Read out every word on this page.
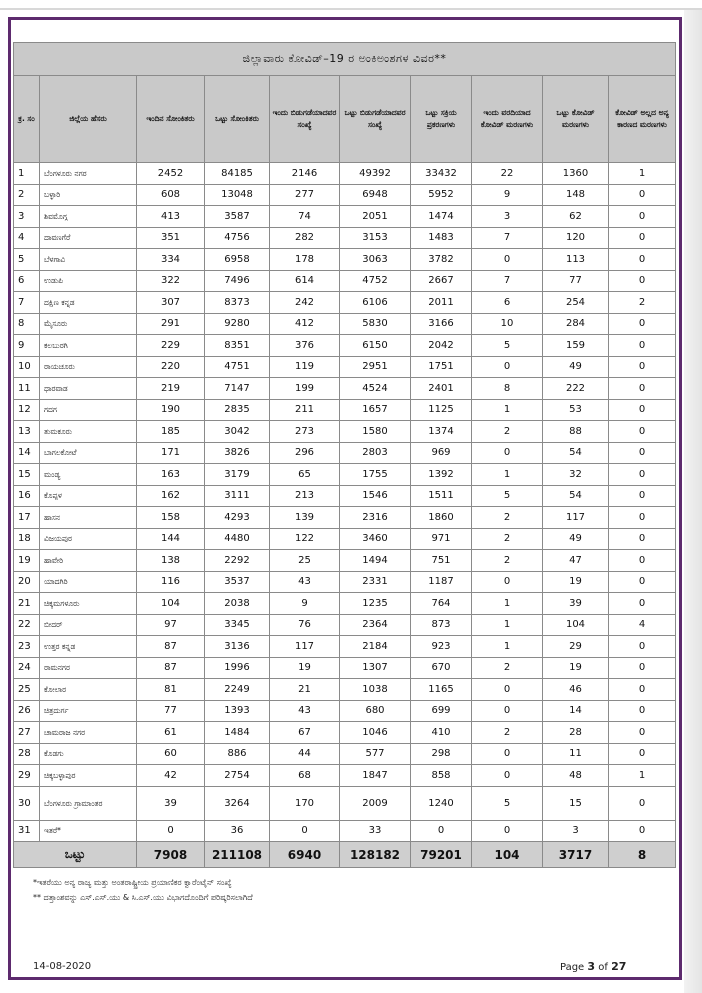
ಜಿಲ್ಲಾವಾರು ಕೋವಿಡ್–19 ರ ಅಂಕಿಅಂಶಗಳ ವಿವರ**									
ಕ್ರ. ಸಂ	ಜಿಲ್ಲೆಯ ಹೆಸರು	ಇಂದಿನ ಸೋಂಕಿತರು	ಒಟ್ಟು ಸೋಂಕಿತರು	ಇಂದು ಬಿಡುಗಡೆಯಾದವರ ಸಂಖ್ಯೆ	ಒಟ್ಟು ಬಿಡುಗಡೆಯಾದವರ ಸಂಖ್ಯೆ	ಒಟ್ಟು ಸಕ್ರಿಯ ಪ್ರಕರಣಗಳು	ಇಂದು ವರದಿಯಾದ ಕೋವಿಡ್ ಮರಣಗಳು	ಒಟ್ಟು ಕೋವಿಡ್ ಮರಣಗಳು	ಕೋವಿಡ್ ಅಲ್ಲದ ಅನ್ಯ ಕಾರಣದ ಮರಣಗಳು
1	ಬೆಂಗಳೂರು ನಗರ	2452	84185	2146	49392	33432	22	1360	1
2	ಬಳ್ಳಾರಿ	608	13048	277	6948	5952	9	148	0
3	ಶಿವಮೊಗ್ಗ	413	3587	74	2051	1474	3	62	0
4	ದಾವಣಗೆರೆ	351	4756	282	3153	1483	7	120	0
5	ಬೆಳಗಾವಿ	334	6958	178	3063	3782	0	113	0
6	ಉಡುಪಿ	322	7496	614	4752	2667	7	77	0
7	ದಕ್ಷಿಣ ಕನ್ನಡ	307	8373	242	6106	2011	6	254	2
8	ಮೈಸೂರು	291	9280	412	5830	3166	10	284	0
9	ಕಲಬುರಗಿ	229	8351	376	6150	2042	5	159	0
10	ರಾಯಚೂರು	220	4751	119	2951	1751	0	49	0
11	ಧಾರವಾಡ	219	7147	199	4524	2401	8	222	0
12	ಗದಗ	190	2835	211	1657	1125	1	53	0
13	ತುಮಕೂರು	185	3042	273	1580	1374	2	88	0
14	ಬಾಗಲಕೋಟೆ	171	3826	296	2803	969	0	54	0
15	ಮಂಡ್ಯ	163	3179	65	1755	1392	1	32	0
16	ಕೊಪ್ಪಳ	162	3111	213	1546	1511	5	54	0
17	ಹಾಸನ	158	4293	139	2316	1860	2	117	0
18	ವಿಜಯಪುರ	144	4480	122	3460	971	2	49	0
19	ಹಾವೇರಿ	138	2292	25	1494	751	2	47	0
20	ಯಾದಗಿರಿ	116	3537	43	2331	1187	0	19	0
21	ಚಿಕ್ಕಮಗಳೂರು	104	2038	9	1235	764	1	39	0
22	ಬೀದರ್	97	3345	76	2364	873	1	104	4
23	ಉತ್ತರ ಕನ್ನಡ	87	3136	117	2184	923	1	29	0
24	ರಾಮನಗರ	87	1996	19	1307	670	2	19	0
25	ಕೋಲಾರ	81	2249	21	1038	1165	0	46	0
26	ಚಿತ್ರದುರ್ಗ	77	1393	43	680	699	0	14	0
27	ಚಾಮರಾಜ ನಗರ	61	1484	67	1046	410	2	28	0
28	ಕೊಡಗು	60	886	44	577	298	0	11	0
29	ಚಿಕ್ಕಬಳ್ಳಾಪುರ	42	2754	68	1847	858	0	48	1
30	ಬೆಂಗಳೂರು ಗ್ರಾಮಾಂತರ	39	3264	170	2009	1240	5	15	0
31	ಇತರೆ*	0	36	0	33	0	0	3	0
ಒಟ್ಟು		7908	211108	6940	128182	79201	104	3717	8
*ಇತರೆಯು ಅನ್ಯ ರಾಜ್ಯ ಮತ್ತು ಅಂತರಾಷ್ಟ್ರೀಯ ಪ್ರಯಾಣಿಕರ ಕ್ವಾರೆಂಟೈನ್ ಸಂಖ್ಯೆ
** ದತ್ತಾಂಶವನ್ನು ಎಸ್.ಎಸ್.ಯು & ಸಿ.ಎಸ್.ಯು ವಿಭಾಗದೊಂದಿಗೆ ಪರಿಷ್ಕರಿಸಲಾಗಿದೆ
14-08-2020	Page 3 of 27
